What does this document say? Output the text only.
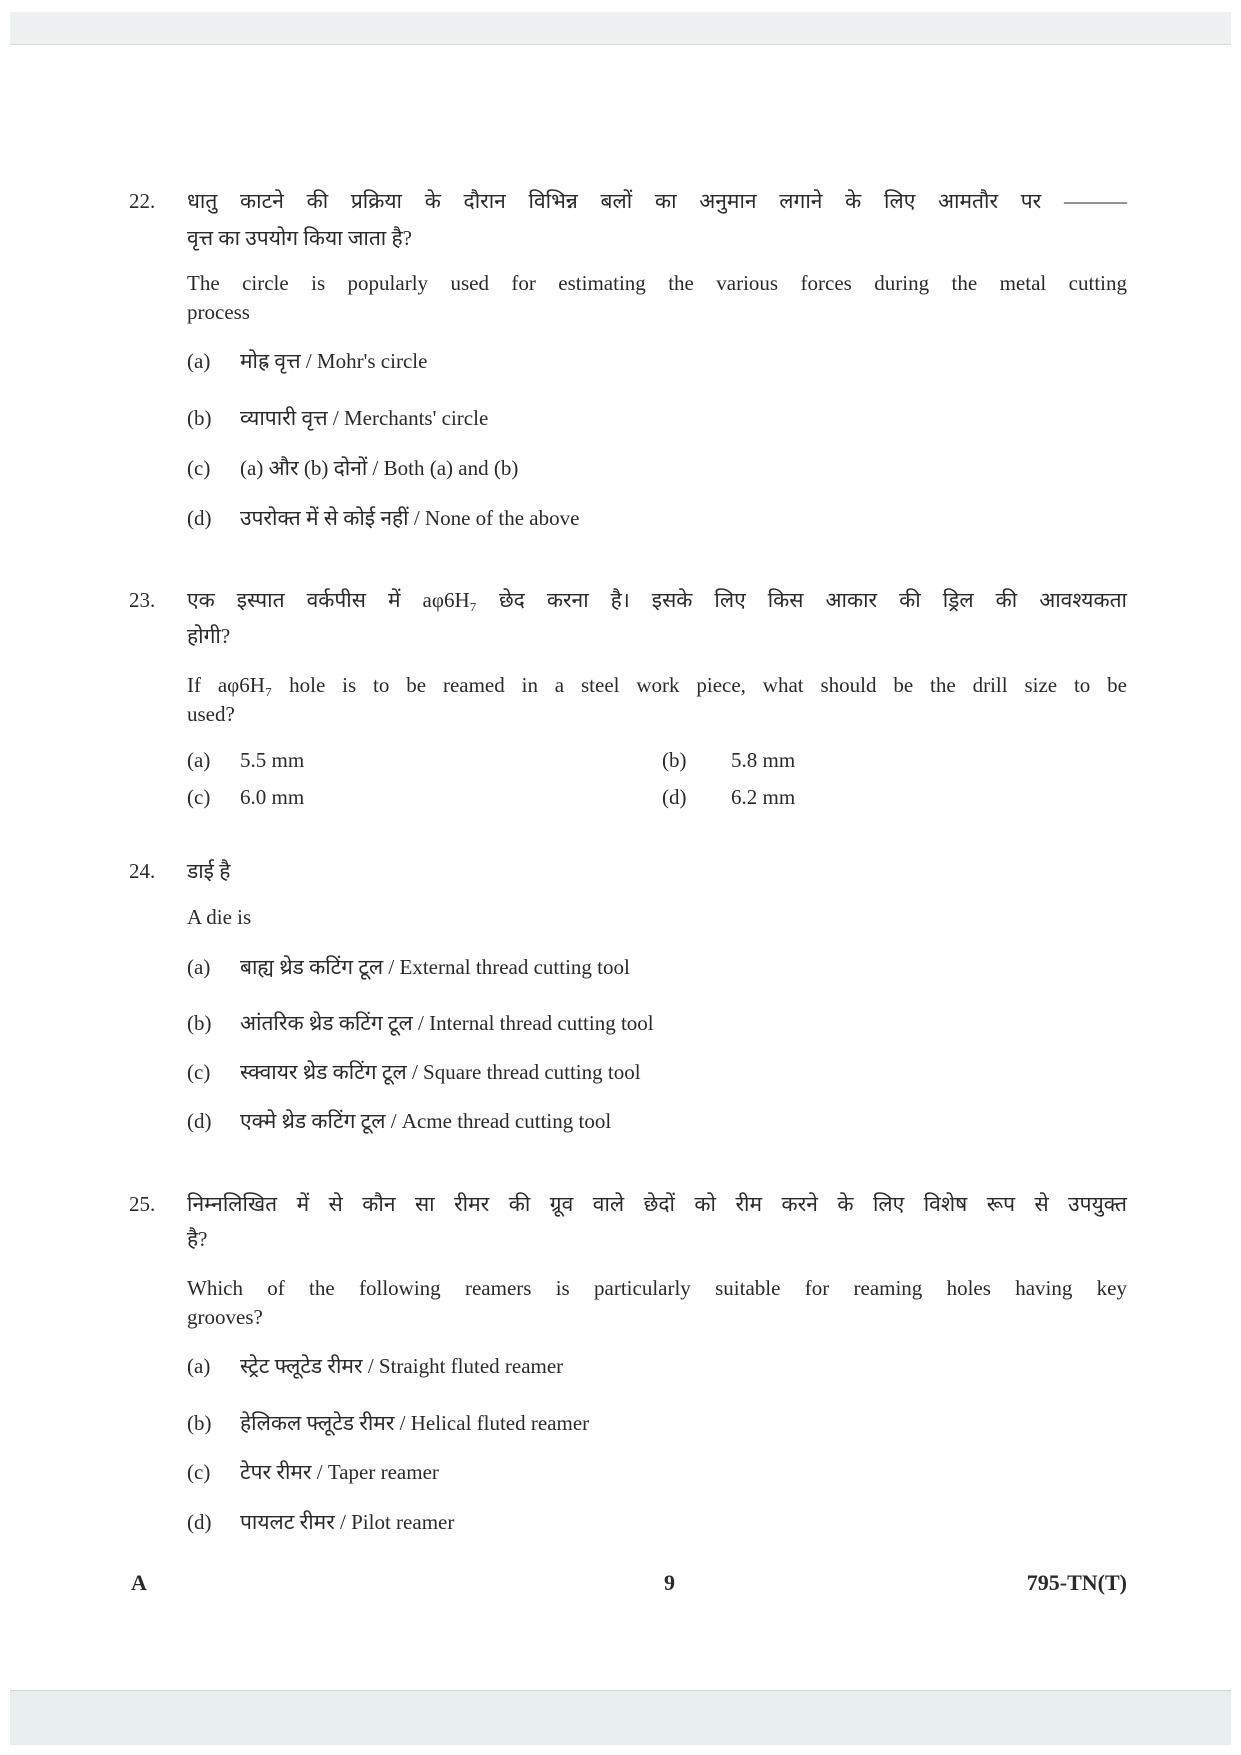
22. धातु काटने की प्रक्रिया के दौरान विभिन्न बलों का अनुमान लगाने के लिए आमतौर पर ———
वृत्त का उपयोग किया जाता है?
The circle is popularly used for estimating the various forces during the metal cutting
process
(a) मोह्र वृत्त / Mohr's circle
(b) व्यापारी वृत्त / Merchants' circle
(c) (a) और (b) दोनों / Both (a) and (b)
(d) उपरोक्त में से कोई नहीं / None of the above
23. एक इस्पात वर्कपीस में aφ6H₇ छेद करना है। इसके लिए किस आकार की ड्रिल की आवश्यकता
होगी?
If aφ6H₇ hole is to be reamed in a steel work piece, what should be the drill size to be
used?
(a) 5.5 mm	(b) 5.8 mm
(c) 6.0 mm	(d) 6.2 mm
24. डाई है
A die is
(a) बाह्य थ्रेड कटिंग टूल / External thread cutting tool
(b) आंतरिक थ्रेड कटिंग टूल / Internal thread cutting tool
(c) स्क्वायर थ्रेड कटिंग टूल / Square thread cutting tool
(d) एक्मे थ्रेड कटिंग टूल / Acme thread cutting tool
25. निम्नलिखित में से कौन सा रीमर की ग्रूव वाले छेदों को रीम करने के लिए विशेष रूप से उपयुक्त
है?
Which of the following reamers is particularly suitable for reaming holes having key
grooves?
(a) स्ट्रेट फ्लूटेड रीमर / Straight fluted reamer
(b) हेलिकल फ्लूटेड रीमर / Helical fluted reamer
(c) टेपर रीमर / Taper reamer
(d) पायलट रीमर / Pilot reamer
A	9	795-TN(T)
